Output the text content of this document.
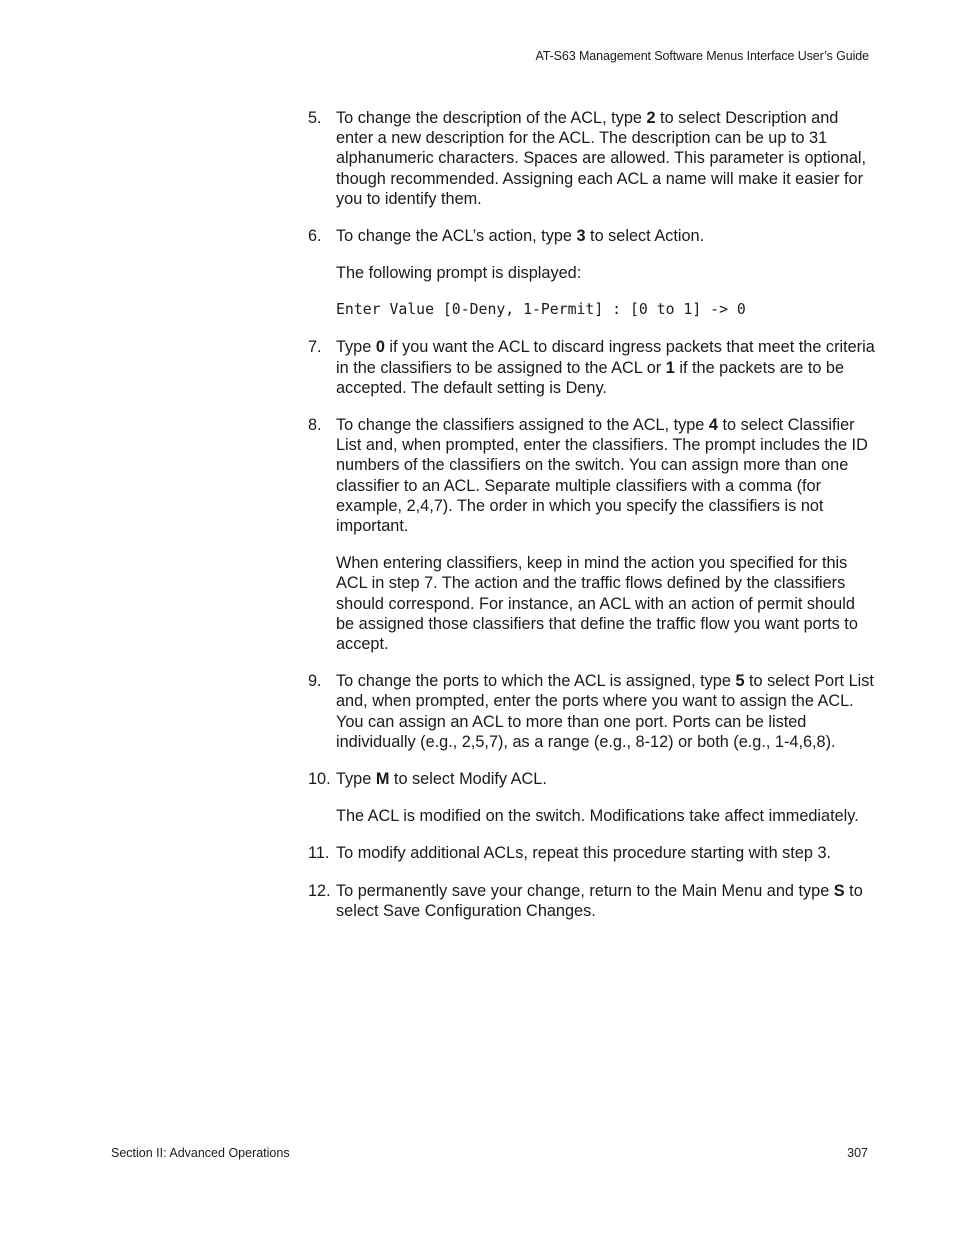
AT-S63 Management Software Menus Interface User’s Guide
5. To change the description of the ACL, type 2 to select Description and enter a new description for the ACL. The description can be up to 31 alphanumeric characters. Spaces are allowed. This parameter is optional, though recommended. Assigning each ACL a name will make it easier for you to identify them.

6. To change the ACL’s action, type 3 to select Action.

The following prompt is displayed:

Enter Value [0-Deny, 1-Permit] : [0 to 1] -> 0
7. Type 0 if you want the ACL to discard ingress packets that meet the criteria in the classifiers to be assigned to the ACL or 1 if the packets are to be accepted. The default setting is Deny.

8. To change the classifiers assigned to the ACL, type 4 to select Classifier List and, when prompted, enter the classifiers. The prompt includes the ID numbers of the classifiers on the switch. You can assign more than one classifier to an ACL. Separate multiple classifiers with a comma (for example, 2,4,7). The order in which you specify the classifiers is not important.

When entering classifiers, keep in mind the action you specified for this ACL in step 7. The action and the traffic flows defined by the classifiers should correspond. For instance, an ACL with an action of permit should be assigned those classifiers that define the traffic flow you want ports to accept.

9. To change the ports to which the ACL is assigned, type 5 to select Port List and, when prompted, enter the ports where you want to assign the ACL. You can assign an ACL to more than one port. Ports can be listed individually (e.g., 2,5,7), as a range (e.g., 8-12) or both (e.g., 1-4,6,8).

10. Type M to select Modify ACL.

The ACL is modified on the switch. Modifications take affect immediately.

11. To modify additional ACLs, repeat this procedure starting with step 3.

12. To permanently save your change, return to the Main Menu and type S to select Save Configuration Changes.

Section II: Advanced Operations	307
